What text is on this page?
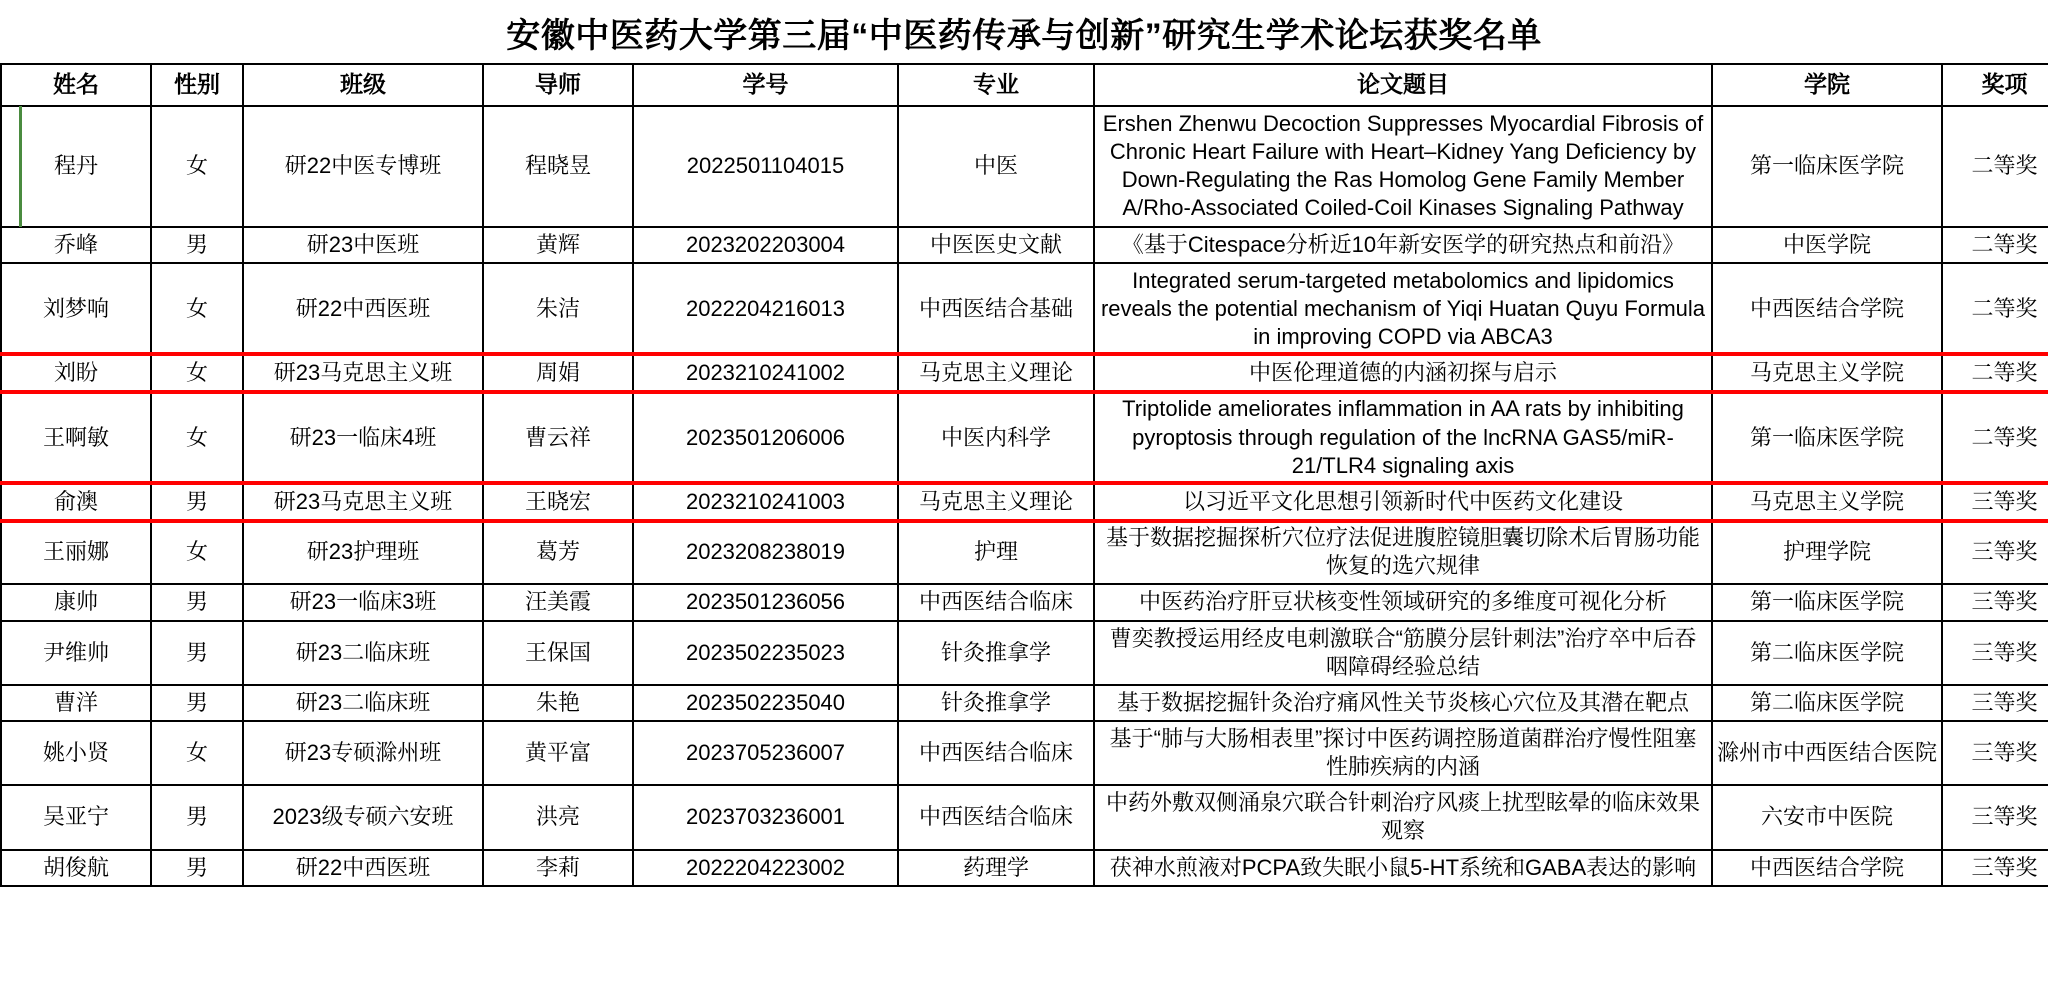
安徽中医药大学第三届“中医药传承与创新”研究生学术论坛获奖名单
姓名	性别	班级	导师	学号	专业	论文题目	学院	奖项
程丹	女	研22中医专博班	程晓昱	2022501104015	中医	Ershen Zhenwu Decoction Suppresses Myocardial Fibrosis of Chronic Heart Failure with Heart–Kidney Yang Deficiency by Down-Regulating the Ras Homolog Gene Family Member A/Rho-Associated Coiled-Coil Kinases Signaling Pathway	第一临床医学院	二等奖
乔峰	男	研23中医班	黄辉	2023202203004	中医医史文献	《基于Citespace分析近10年新安医学的研究热点和前沿》	中医学院	二等奖
刘梦响	女	研22中西医班	朱洁	2022204216013	中西医结合基础	Integrated serum-targeted metabolomics and lipidomics reveals the potential mechanism of Yiqi Huatan Quyu Formula in improving COPD via ABCA3	中西医结合学院	二等奖
刘盼	女	研23马克思主义班	周娟	2023210241002	马克思主义理论	中医伦理道德的内涵初探与启示	马克思主义学院	二等奖
王啊敏	女	研23一临床4班	曹云祥	2023501206006	中医内科学	Triptolide ameliorates inflammation in AA rats by inhibiting pyroptosis through regulation of the lncRNA GAS5/miR-21/TLR4 signaling axis	第一临床医学院	二等奖
俞澳	男	研23马克思主义班	王晓宏	2023210241003	马克思主义理论	以习近平文化思想引领新时代中医药文化建设	马克思主义学院	三等奖
王丽娜	女	研23护理班	葛芳	2023208238019	护理	基于数据挖掘探析穴位疗法促进腹腔镜胆囊切除术后胃肠功能恢复的选穴规律	护理学院	三等奖
康帅	男	研23一临床3班	汪美霞	2023501236056	中西医结合临床	中医药治疗肝豆状核变性领域研究的多维度可视化分析	第一临床医学院	三等奖
尹维帅	男	研23二临床班	王保国	2023502235023	针灸推拿学	曹奕教授运用经皮电刺激联合“筋膜分层针刺法”治疗卒中后吞咽障碍经验总结	第二临床医学院	三等奖
曹洋	男	研23二临床班	朱艳	2023502235040	针灸推拿学	基于数据挖掘针灸治疗痛风性关节炎核心穴位及其潜在靶点	第二临床医学院	三等奖
姚小贤	女	研23专硕滁州班	黄平富	2023705236007	中西医结合临床	基于“肺与大肠相表里”探讨中医药调控肠道菌群治疗慢性阻塞性肺疾病的内涵	滁州市中西医结合医院	三等奖
吴亚宁	男	2023级专硕六安班	洪亮	2023703236001	中西医结合临床	中药外敷双侧涌泉穴联合针刺治疗风痰上扰型眩晕的临床效果观察	六安市中医院	三等奖
胡俊航	男	研22中西医班	李莉	2022204223002	药理学	茯神水煎液对PCPA致失眠小鼠5-HT系统和GABA表达的影响	中西医结合学院	三等奖
